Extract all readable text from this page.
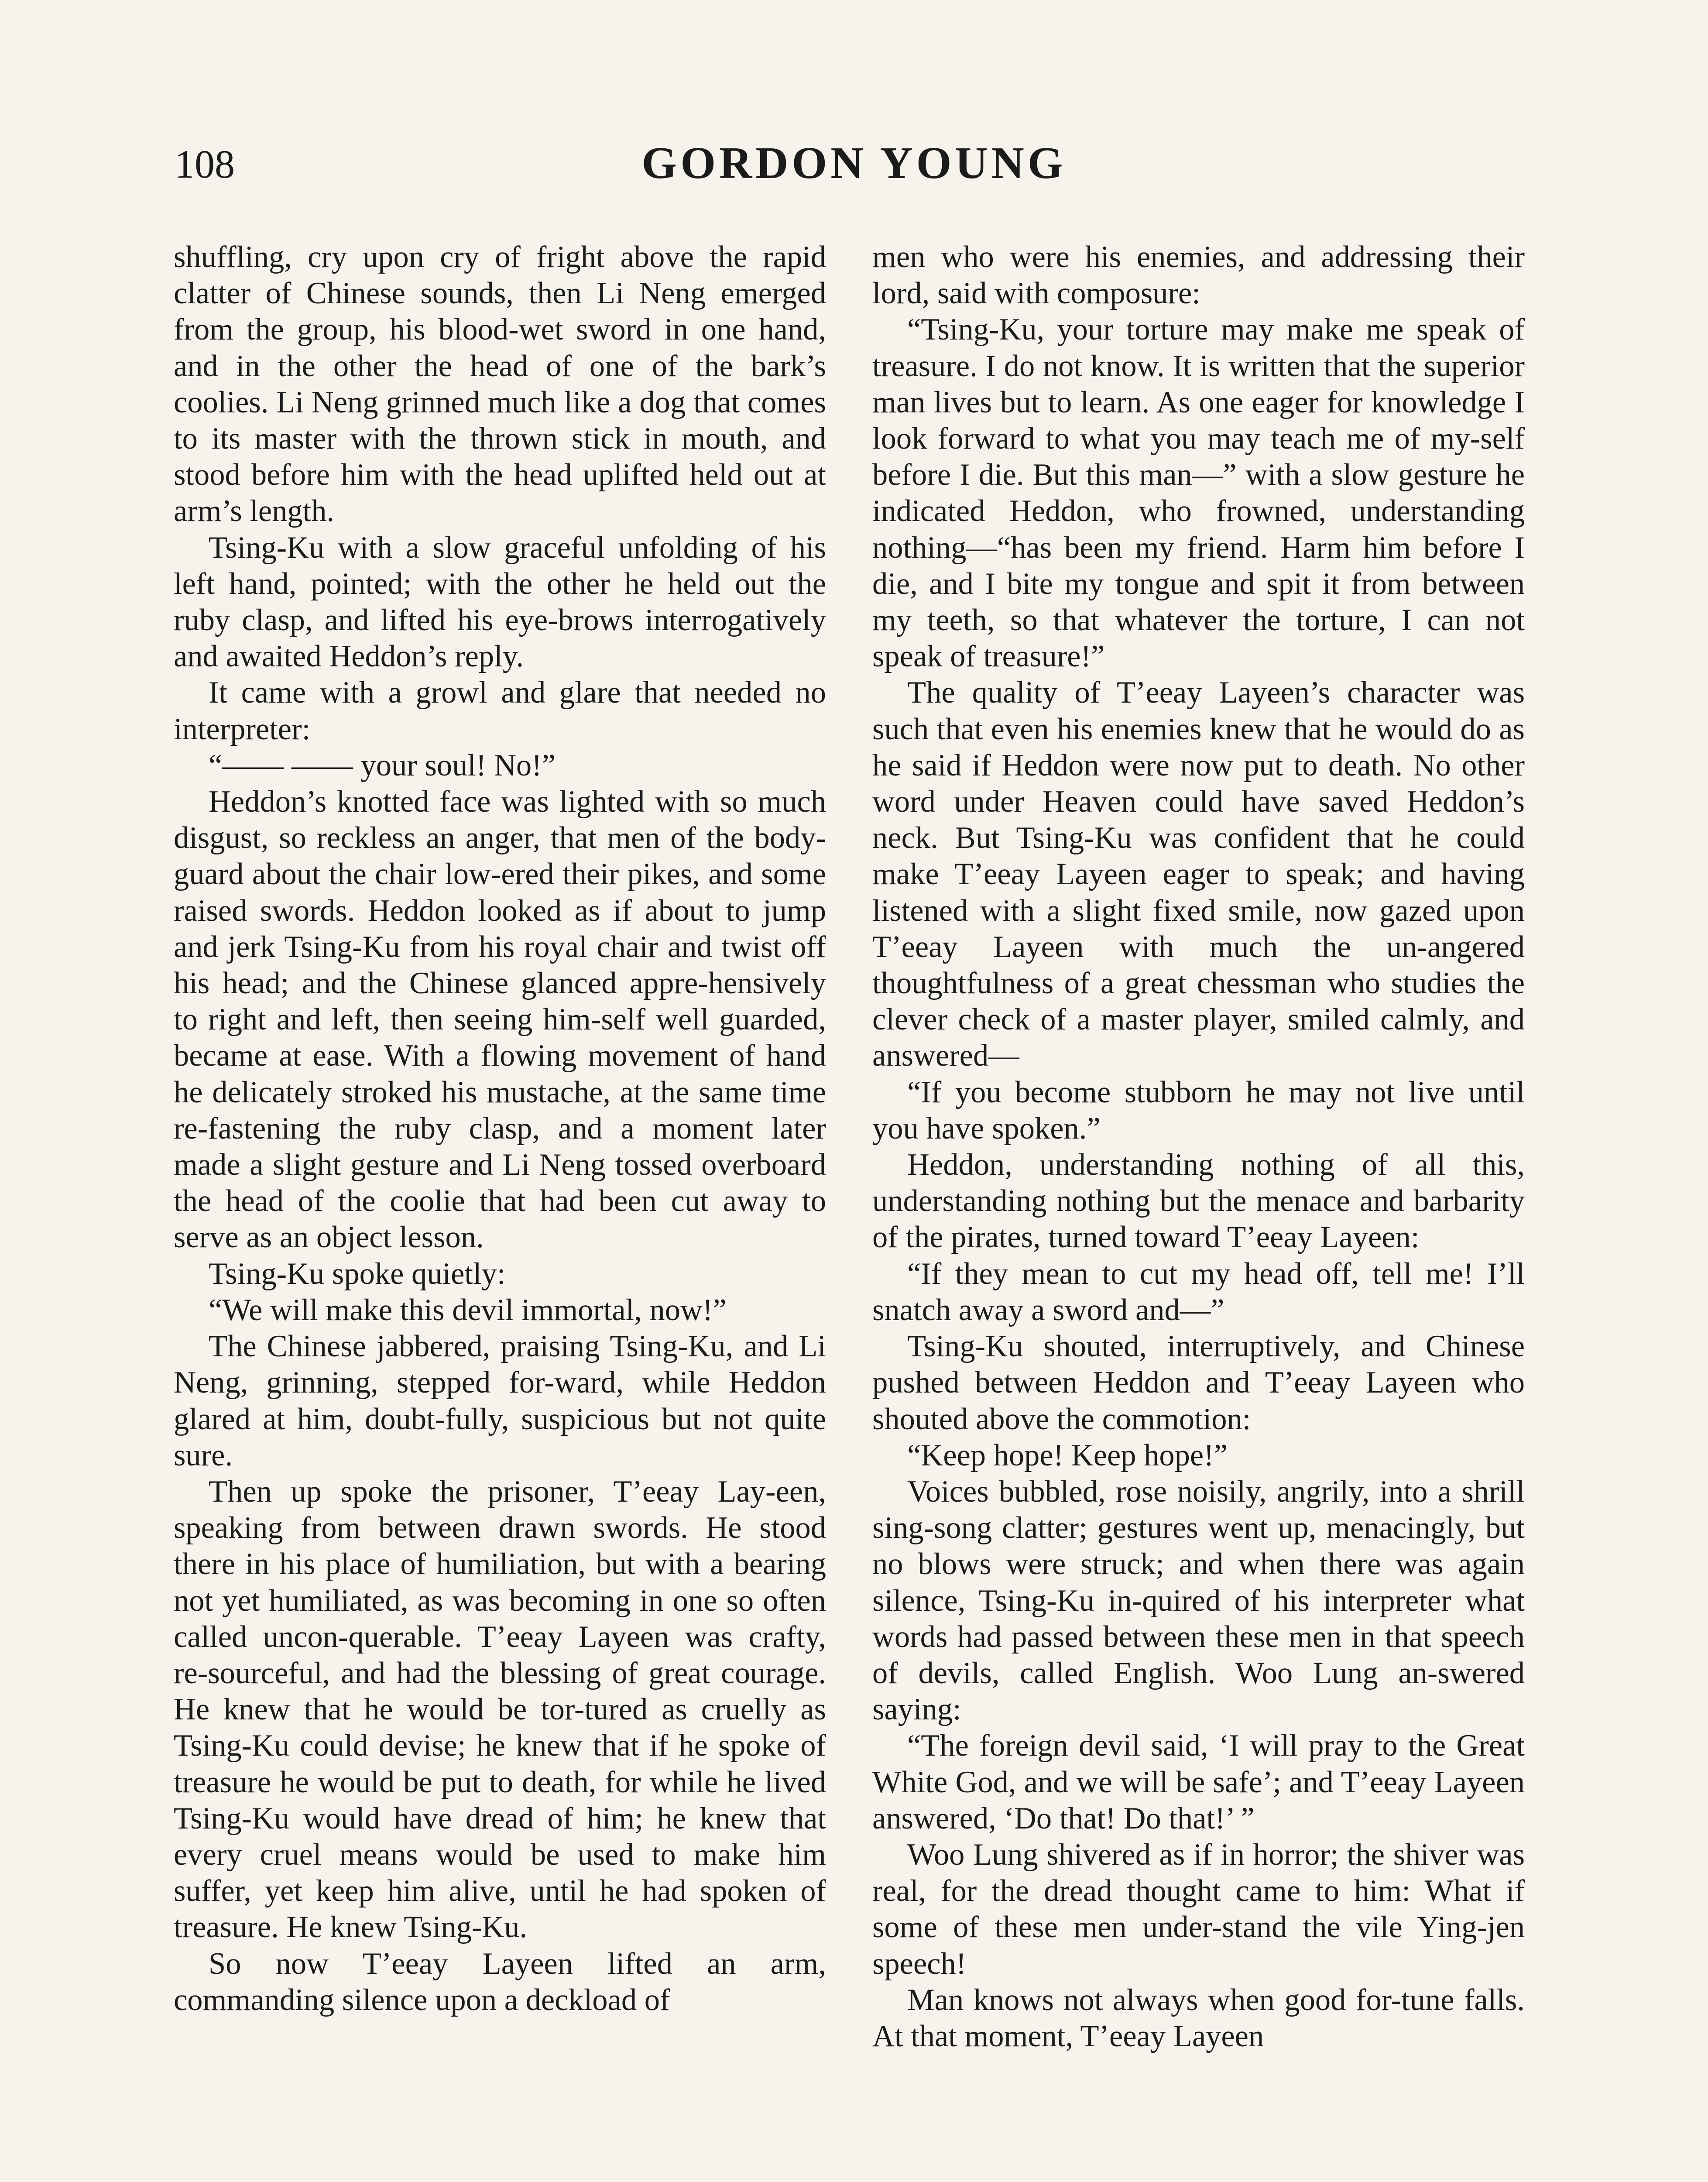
108	GORDON YOUNG

shuffling, cry upon cry of fright above the rapid clatter of Chinese sounds, then Li Neng emerged from the group, his blood-wet sword in one hand, and in the other the head of one of the bark’s coolies. Li Neng grinned much like a dog that comes to its master with the thrown stick in mouth, and stood before him with the head uplifted held out at arm’s length.

Tsing-Ku with a slow graceful unfolding of his left hand, pointed; with the other he held out the ruby clasp, and lifted his eye-brows interrogatively and awaited Heddon’s reply.

It came with a growl and glare that needed no interpreter:

“—— —— your soul! No!”

Heddon’s knotted face was lighted with so much disgust, so reckless an anger, that men of the body-guard about the chair low-ered their pikes, and some raised swords. Heddon looked as if about to jump and jerk Tsing-Ku from his royal chair and twist off his head; and the Chinese glanced appre-hensively to right and left, then seeing him-self well guarded, became at ease. With a flowing movement of hand he delicately stroked his mustache, at the same time re-fastening the ruby clasp, and a moment later made a slight gesture and Li Neng tossed overboard the head of the coolie that had been cut away to serve as an object lesson.

Tsing-Ku spoke quietly:

“We will make this devil immortal, now!”

The Chinese jabbered, praising Tsing-Ku, and Li Neng, grinning, stepped for-ward, while Heddon glared at him, doubt-fully, suspicious but not quite sure.

Then up spoke the prisoner, T’eeay Lay-een, speaking from between drawn swords. He stood there in his place of humiliation, but with a bearing not yet humiliated, as was becoming in one so often called uncon-querable. T’eeay Layeen was crafty, re-sourceful, and had the blessing of great courage. He knew that he would be tor-tured as cruelly as Tsing-Ku could devise; he knew that if he spoke of treasure he would be put to death, for while he lived Tsing-Ku would have dread of him; he knew that every cruel means would be used to make him suffer, yet keep him alive, until he had spoken of treasure. He knew Tsing-Ku.

So now T’eeay Layeen lifted an arm, commanding silence upon a deckload of

men who were his enemies, and addressing their lord, said with composure:

“Tsing-Ku, your torture may make me speak of treasure. I do not know. It is written that the superior man lives but to learn. As one eager for knowledge I look forward to what you may teach me of my-self before I die. But this man—” with a slow gesture he indicated Heddon, who frowned, understanding nothing—“has been my friend. Harm him before I die, and I bite my tongue and spit it from between my teeth, so that whatever the torture, I can not speak of treasure!”

The quality of T’eeay Layeen’s character was such that even his enemies knew that he would do as he said if Heddon were now put to death. No other word under Heaven could have saved Heddon’s neck. But Tsing-Ku was confident that he could make T’eeay Layeen eager to speak; and having listened with a slight fixed smile, now gazed upon T’eeay Layeen with much the un-angered thoughtfulness of a great chessman who studies the clever check of a master player, smiled calmly, and answered—

“If you become stubborn he may not live until you have spoken.”

Heddon, understanding nothing of all this, understanding nothing but the menace and barbarity of the pirates, turned toward T’eeay Layeen:

“If they mean to cut my head off, tell me! I’ll snatch away a sword and—”

Tsing-Ku shouted, interruptively, and Chinese pushed between Heddon and T’eeay Layeen who shouted above the commotion:

“Keep hope! Keep hope!”

Voices bubbled, rose noisily, angrily, into a shrill sing-song clatter; gestures went up, menacingly, but no blows were struck; and when there was again silence, Tsing-Ku in-quired of his interpreter what words had passed between these men in that speech of devils, called English. Woo Lung an-swered saying:

“The foreign devil said, ‘I will pray to the Great White God, and we will be safe’; and T’eeay Layeen answered, ‘Do that! Do that!’ ”

Woo Lung shivered as if in horror; the shiver was real, for the dread thought came to him: What if some of these men under-stand the vile Ying-jen speech!

Man knows not always when good for-tune falls. At that moment, T’eeay Layeen
